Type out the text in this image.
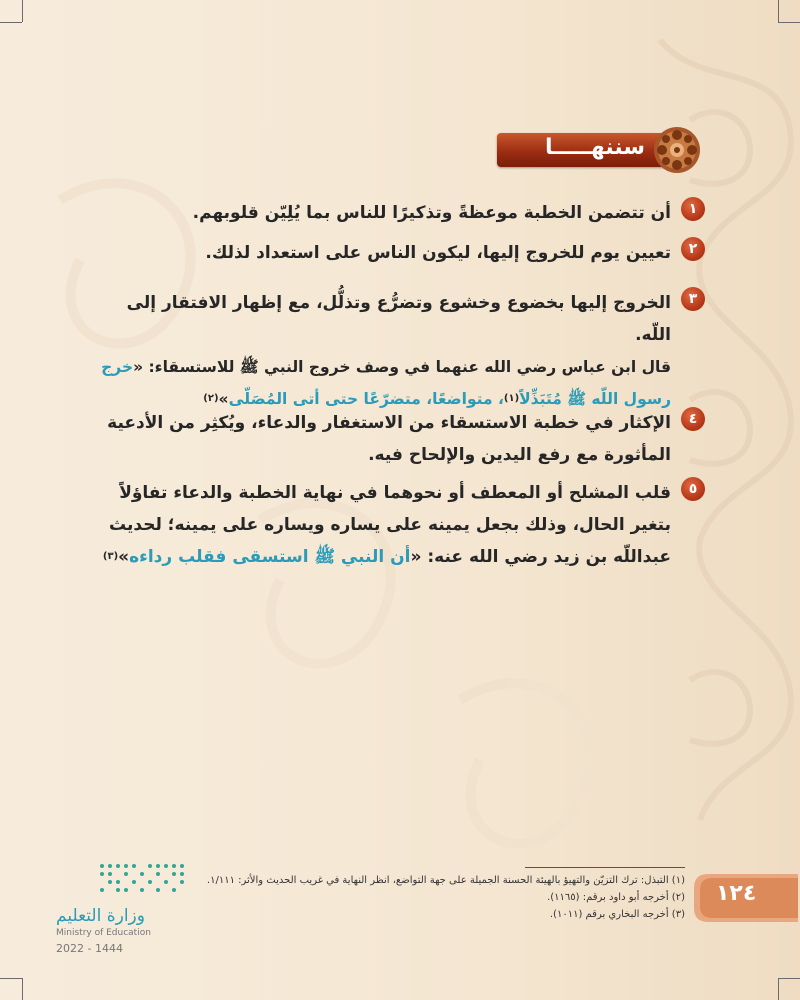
سننهـــــا
١
أن تتضمن الخطبة موعظةً وتذكيرًا للناس بما يُلِيّن قلوبهم.
٢
تعيين يوم للخروج إليها، ليكون الناس على استعداد لذلك.
٣
الخروج إليها بخضوع وخشوع وتضرُّع وتذلُّل، مع إظهار الافتقار إلى اللّه.
قال ابن عباس رضي الله عنهما في وصف خروج النبي ﷺ للاستسقاء: «خرج رسول اللّه ﷺ مُتَبَذِّلاً$^{(١)}$، متواضعًا، متضرّعًا حتى أتى المُصَلّى»$^{(٢)}$
٤
الإكثار في خطبة الاستسقاء من الاستغفار والدعاء، ويُكثِر من الأدعية المأثورة مع رفع اليدين والإلحاح فيه.
٥
قلب المشلح أو المعطف أو نحوهما في نهاية الخطبة والدعاء تفاؤلاً بتغير الحال، وذلك بجعل يمينه على يساره ويساره على يمينه؛ لحديث عبداللّه بن زيد رضي الله عنه: «أن النبي ﷺ استسقى فقلب رداءه»$^{(٣)}$
(١) التبذل: ترك التزيّن والتهيؤ بالهيئة الحسنة الجميلة على جهة التواضع، انظر النهاية في غريب الحديث والأثر: ١/١١١.
(٢) أخرجه أبو داود برقم: (١١٦٥).
(٣) أخرجه البخاري برقم (١٠١١).
١٢٤
وزارة التعليم
Ministry of Education
2022 - 1444
